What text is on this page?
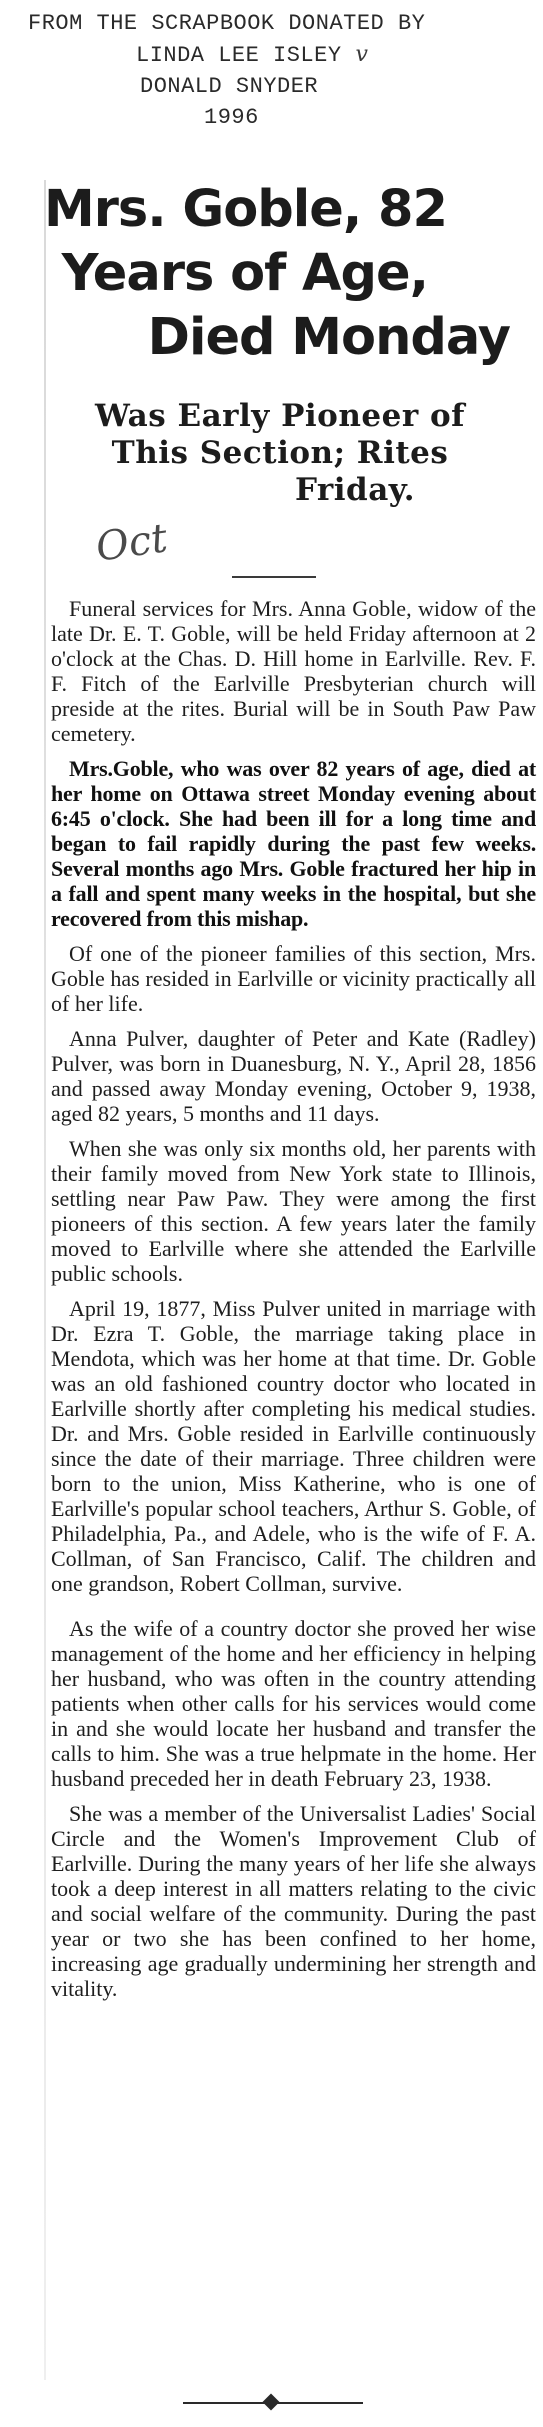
FROM THE SCRAPBOOK DONATED BY
LINDA LEE ISLEY v
DONALD SNYDER
1996
Mrs. Goble, 82
Years of Age,
Died Monday
Was Early Pioneer of
This Section; Rites
Friday.
Oct

Funeral services for Mrs. Anna Goble, widow of the late Dr. E. T. Goble, will be held Friday afternoon at 2 o'clock at the Chas. D. Hill home in Earlville. Rev. F. F. Fitch of the Earlville Presbyterian church will preside at the rites. Burial will be in South Paw Paw cemetery.

Mrs.Goble, who was over 82 years of age, died at her home on Ottawa street Monday evening about 6:45 o'clock. She had been ill for a long time and began to fail rapidly during the past few weeks. Several months ago Mrs. Goble fractured her hip in a fall and spent many weeks in the hospital, but she recovered from this mishap.

Of one of the pioneer families of this section, Mrs. Goble has resided in Earlville or vicinity practically all of her life.

Anna Pulver, daughter of Peter and Kate (Radley) Pulver, was born in Duanesburg, N. Y., April 28, 1856 and passed away Monday evening, October 9, 1938, aged 82 years, 5 months and 11 days.

When she was only six months old, her parents with their family moved from New York state to Illinois, settling near Paw Paw. They were among the first pioneers of this section. A few years later the family moved to Earlville where she attended the Earlville public schools.

April 19, 1877, Miss Pulver united in marriage with Dr. Ezra T. Goble, the marriage taking place in Mendota, which was her home at that time. Dr. Goble was an old fashioned country doctor who located in Earlville shortly after completing his medical studies. Dr. and Mrs. Goble resided in Earlville continuously since the date of their marriage. Three children were born to the union, Miss Katherine, who is one of Earlville's popular school teachers, Arthur S. Goble, of Philadelphia, Pa., and Adele, who is the wife of F. A. Collman, of San Francisco, Calif. The children and one grandson, Robert Collman, survive.

As the wife of a country doctor she proved her wise management of the home and her efficiency in helping her husband, who was often in the country attending patients when other calls for his services would come in and she would locate her husband and transfer the calls to him. She was a true helpmate in the home. Her husband preceded her in death February 23, 1938.

She was a member of the Universalist Ladies' Social Circle and the Women's Improvement Club of Earlville. During the many years of her life she always took a deep interest in all matters relating to the civic and social welfare of the community. During the past year or two she has been confined to her home, increasing age gradually undermining her strength and vitality.
